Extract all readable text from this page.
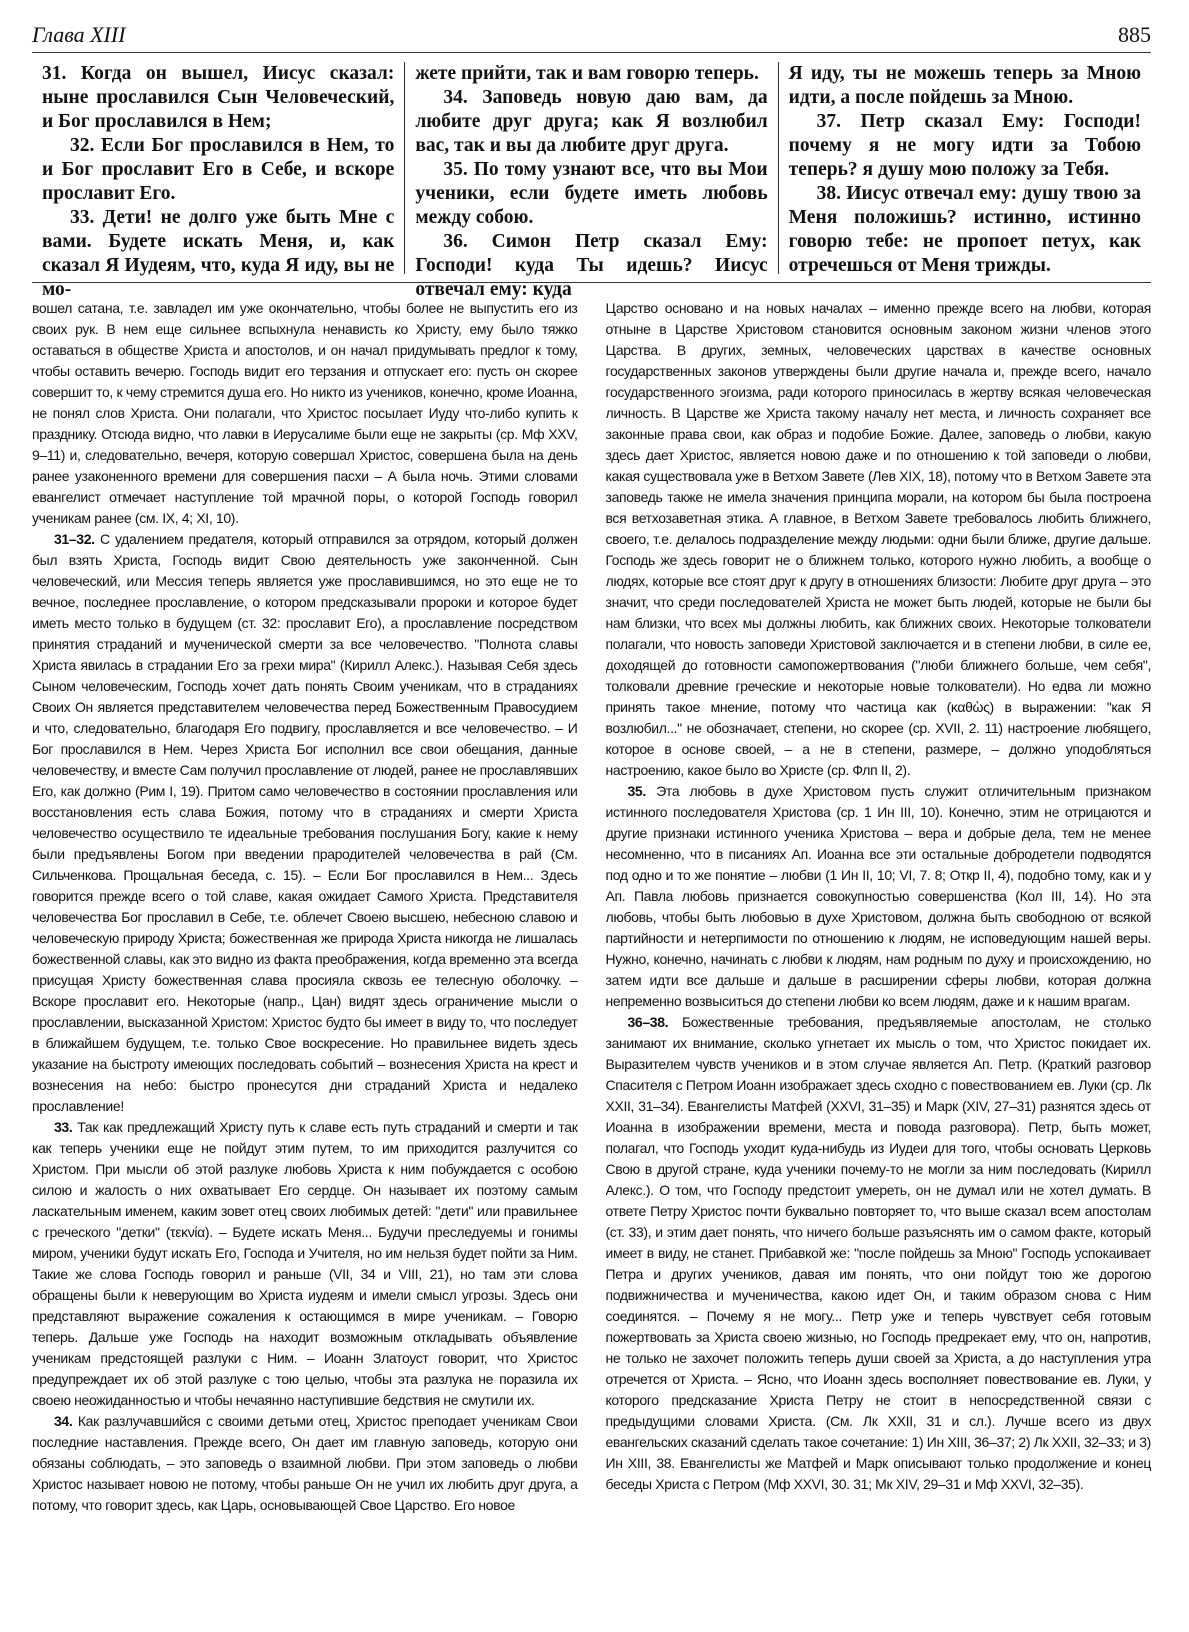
Глава XIII	885

31. Когда он вышел, Иисус сказал: ныне прославился Сын Человеческий, и Бог прославился в Нем;

32. Если Бог прославился в Нем, то и Бог прославит Его в Себе, и вскоре прославит Его.

33. Дети! не долго уже быть Мне с вами. Будете искать Меня, и, как сказал Я Иудеям, что, куда Я иду, вы не мо-

жете прийти, так и вам говорю теперь.

34. Заповедь новую даю вам, да любите друг друга; как Я возлюбил вас, так и вы да любите друг друга.

35. По тому узнают все, что вы Мои ученики, если будете иметь любовь между собою.

36. Симон Петр сказал Ему: Господи! куда Ты идешь? Иисус отвечал ему: куда

Я иду, ты не можешь теперь за Мною идти, а после пойдешь за Мною.

37. Петр сказал Ему: Господи! почему я не могу идти за Тобою теперь? я душу мою положу за Тебя.

38. Иисус отвечал ему: душу твою за Меня положишь? истинно, истинно говорю тебе: не пропоет петух, как отречешься от Меня трижды.

вошел сатана, т.е. завладел им уже окончательно, чтобы более не выпустить его из своих рук. В нем еще сильнее вспыхнула ненависть ко Христу, ему было тяжко оставаться в обществе Христа и апостолов, и он начал придумывать предлог к тому, чтобы оставить вечерю. Господь видит его терзания и отпускает его: пусть он скорее совершит то, к чему стремится душа его. Но никто из учеников, конечно, кроме Иоанна, не понял слов Христа. Они полагали, что Христос посылает Иуду что-либо купить к празднику. Отсюда видно, что лавки в Иерусалиме были еще не закрыты (ср. Мф XXV, 9–11) и, следовательно, вечеря, которую совершал Христос, совершена была на день ранее узаконенного времени для совершения пасхи – А была ночь. Этими словами евангелист отмечает наступление той мрачной поры, о которой Господь говорил ученикам ранее (см. IX, 4; XI, 10).

31–32. С удалением предателя, который отправился за отрядом, который должен был взять Христа, Господь видит Свою деятельность уже законченной. Сын человеческий, или Мессия теперь является уже прославившимся, но это еще не то вечное, последнее прославление, о котором предсказывали пророки и которое будет иметь место только в будущем (ст. 32: прославит Его), а прославление посредством принятия страданий и мученической смерти за все человечество. "Полнота славы Христа явилась в страдании Его за грехи мира" (Кирилл Алекс.). Называя Себя здесь Сыном человеческим, Господь хочет дать понять Своим ученикам, что в страданиях Своих Он является представителем человечества перед Божественным Правосудием и что, следовательно, благодаря Его подвигу, прославляется и все человечество. – И Бог прославился в Нем. Через Христа Бог исполнил все свои обещания, данные человечеству, и вместе Сам получил прославление от людей, ранее не прославлявших Его, как должно (Рим I, 19). Притом само человечество в состоянии прославления или восстановления есть слава Божия, потому что в страданиях и смерти Христа человечество осуществило те идеальные требования послушания Богу, какие к нему были предъявлены Богом при введении прародителей человечества в рай (См. Сильченкова. Прощальная беседа, с. 15). – Если Бог прославился в Нем... Здесь говорится прежде всего о той славе, какая ожидает Самого Христа. Представителя человечества Бог прославил в Себе, т.е. облечет Своею высшею, небесною славою и человеческую природу Христа; божественная же природа Христа никогда не лишалась божественной славы, как это видно из факта преображения, когда временно эта всегда присущая Христу божественная слава просияла сквозь ее телесную оболочку. – Вскоре прославит его. Некоторые (напр., Цан) видят здесь ограничение мысли о прославлении, высказанной Христом: Христос будто бы имеет в виду то, что последует в ближайшем будущем, т.е. только Свое воскресение. Но правильнее видеть здесь указание на быстроту имеющих последовать событий – вознесения Христа на крест и вознесения на небо: быстро пронесутся дни страданий Христа и недалеко прославление!

33. Так как предлежащий Христу путь к славе есть путь страданий и смерти и так как теперь ученики еще не пойдут этим путем, то им приходится разлучится со Христом. При мысли об этой разлуке любовь Христа к ним побуждается с особою силою и жалость о них охватывает Его сердце. Он называет их поэтому самым ласкательным именем, каким зовет отец своих любимых детей: "дети" или правильнее с греческого "детки" (τεκνία). – Будете искать Меня... Будучи преследуемы и гонимы миром, ученики будут искать Его, Господа и Учителя, но им нельзя будет пойти за Ним. Такие же слова Господь говорил и раньше (VII, 34 и VIII, 21), но там эти слова обращены были к неверующим во Христа иудеям и имели смысл угрозы. Здесь они представляют выражение сожаления к остающимся в мире ученикам. – Говорю теперь. Дальше уже Господь на находит возможным откладывать объявление ученикам предстоящей разлуки с Ним. – Иоанн Златоуст говорит, что Христос предупреждает их об этой разлуке с тою целью, чтобы эта разлука не поразила их своею неожиданностью и чтобы нечаянно наступившие бедствия не смутили их.

34. Как разлучавшийся с своими детьми отец, Христос преподает ученикам Свои последние наставления. Прежде всего, Он дает им главную заповедь, которую они обязаны соблюдать, – это заповедь о взаимной любви. При этом заповедь о любви Христос называет новою не потому, чтобы раньше Он не учил их любить друг друга, а потому, что говорит здесь, как Царь, основывающей Свое Царство. Его новое

Царство основано и на новых началах – именно прежде всего на любви, которая отныне в Царстве Христовом становится основным законом жизни членов этого Царства. В других, земных, человеческих царствах в качестве основных государственных законов утверждены были другие начала и, прежде всего, начало государственного эгоизма, ради которого приносилась в жертву всякая человеческая личность. В Царстве же Христа такому началу нет места, и личность сохраняет все законные права свои, как образ и подобие Божие. Далее, заповедь о любви, какую здесь дает Христос, является новою даже и по отношению к той заповеди о любви, какая существовала уже в Ветхом Завете (Лев XIX, 18), потому что в Ветхом Завете эта заповедь также не имела значения принципа морали, на котором бы была построена вся ветхозаветная этика. А главное, в Ветхом Завете требовалось любить ближнего, своего, т.е. делалось подразделение между людьми: одни были ближе, другие дальше. Господь же здесь говорит не о ближнем только, которого нужно любить, а вообще о людях, которые все стоят друг к другу в отношениях близости: Любите друг друга – это значит, что среди последователей Христа не может быть людей, которые не были бы нам близки, что всех мы должны любить, как ближних своих. Некоторые толкователи полагали, что новость заповеди Христовой заключается и в степени любви, в силе ее, доходящей до готовности самопожертвования ("люби ближнего больше, чем себя", толковали древние греческие и некоторые новые толкователи). Но едва ли можно принять такое мнение, потому что частица как (καθὼς) в выражении: "как Я возлюбил..." не обозначает, степени, но скорее (ср. XVII, 2. 11) настроение любящего, которое в основе своей, – а не в степени, размере, – должно уподобляться настроению, какое было во Христе (ср. Флп II, 2).

35. Эта любовь в духе Христовом пусть служит отличительным признаком истинного последователя Христова (ср. 1 Ин III, 10). Конечно, этим не отрицаются и другие признаки истинного ученика Христова – вера и добрые дела, тем не менее несомненно, что в писаниях Ап. Иоанна все эти остальные добродетели подводятся под одно и то же понятие – любви (1 Ин II, 10; VI, 7. 8; Откр II, 4), подобно тому, как и у Ап. Павла любовь признается совокупностью совершенства (Кол III, 14). Но эта любовь, чтобы быть любовью в духе Христовом, должна быть свободною от всякой партийности и нетерпимости по отношению к людям, не исповедующим нашей веры. Нужно, конечно, начинать с любви к людям, нам родным по духу и происхождению, но затем идти все дальше и дальше в расширении сферы любви, которая должна непременно возвыситься до степени любви ко всем людям, даже и к нашим врагам.

36–38. Божественные требования, предъявляемые апостолам, не столько занимают их внимание, сколько угнетает их мысль о том, что Христос покидает их. Выразителем чувств учеников и в этом случае является Ап. Петр. (Краткий разговор Спасителя с Петром Иоанн изображает здесь сходно с повествованием ев. Луки (ср. Лк XXII, 31–34). Евангелисты Матфей (XXVI, 31–35) и Марк (XIV, 27–31) разнятся здесь от Иоанна в изображении времени, места и повода разговора). Петр, быть может, полагал, что Господь уходит куда-нибудь из Иудеи для того, чтобы основать Церковь Свою в другой стране, куда ученики почему-то не могли за ним последовать (Кирилл Алекс.). О том, что Господу предстоит умереть, он не думал или не хотел думать. В ответе Петру Христос почти буквально повторяет то, что выше сказал всем апостолам (ст. 33), и этим дает понять, что ничего больше разъяснять им о самом факте, который имеет в виду, не станет. Прибавкой же: "после пойдешь за Мною" Господь успокаивает Петра и других учеников, давая им понять, что они пойдут тою же дорогою подвижничества и мученичества, какою идет Он, и таким образом снова с Ним соединятся. – Почему я не могу... Петр уже и теперь чувствует себя готовым пожертвовать за Христа своею жизнью, но Господь предрекает ему, что он, напротив, не только не захочет положить теперь души своей за Христа, а до наступления утра отречется от Христа. – Ясно, что Иоанн здесь восполняет повествование ев. Луки, у которого предсказание Христа Петру не стоит в непосредственной связи с предыдущими словами Христа. (См. Лк XXII, 31 и сл.). Лучше всего из двух евангельских сказаний сделать такое сочетание: 1) Ин XIII, 36–37; 2) Лк XXII, 32–33; и 3) Ин XIII, 38. Евангелисты же Матфей и Марк описывают только продолжение и конец беседы Христа с Петром (Мф XXVI, 30. 31; Мк XIV, 29–31 и Мф XXVI, 32–35).
